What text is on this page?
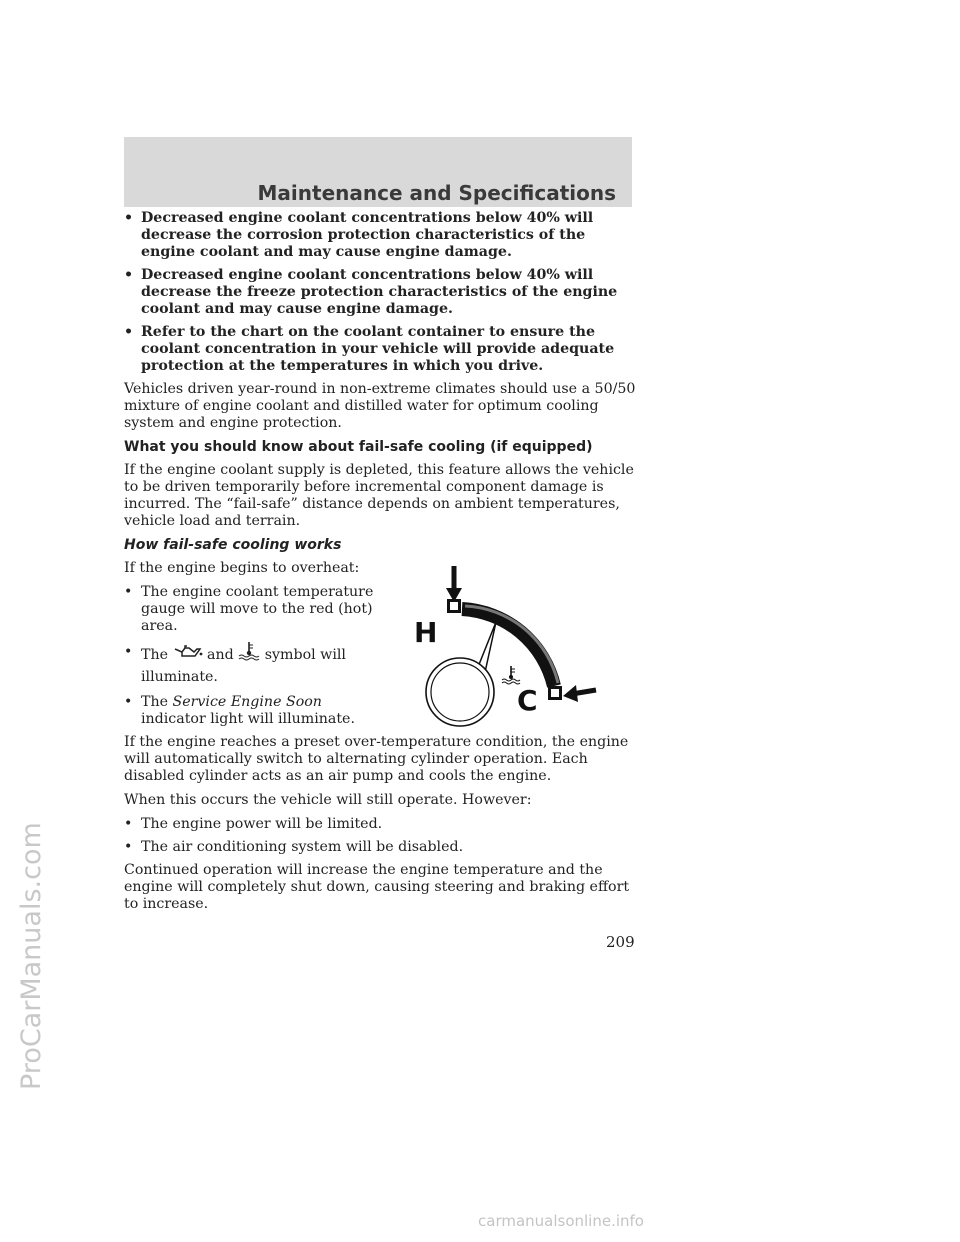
Maintenance and Specifications
ProCarManuals.com
• Decreased engine coolant concentrations below 40% will decrease the corrosion protection characteristics of the engine coolant and may cause engine damage.
• Decreased engine coolant concentrations below 40% will decrease the freeze protection characteristics of the engine coolant and may cause engine damage.
• Refer to the chart on the coolant container to ensure the coolant concentration in your vehicle will provide adequate protection at the temperatures in which you drive.

Vehicles driven year-round in non-extreme climates should use a 50/50 mixture of engine coolant and distilled water for optimum cooling system and engine protection.

What you should know about fail-safe cooling (if equipped)

If the engine coolant supply is depleted, this feature allows the vehicle to be driven temporarily before incremental component damage is incurred. The “fail-safe” distance depends on ambient temperatures, vehicle load and terrain.

How fail-safe cooling works

If the engine begins to overheat:

• The engine coolant temperature gauge will move to the red (hot) area.
• The	and symbol will illuminate.
• The Service Engine Soon indicator light will illuminate.

If the engine reaches a preset over-temperature condition, the engine will automatically switch to alternating cylinder operation. Each disabled cylinder acts as an air pump and cools the engine.

When this occurs the vehicle will still operate. However:

• The engine power will be limited.
• The air conditioning system will be disabled.

Continued operation will increase the engine temperature and the engine will completely shut down, causing steering and braking effort to increase.

H
C
209
carmanualsonline.info
